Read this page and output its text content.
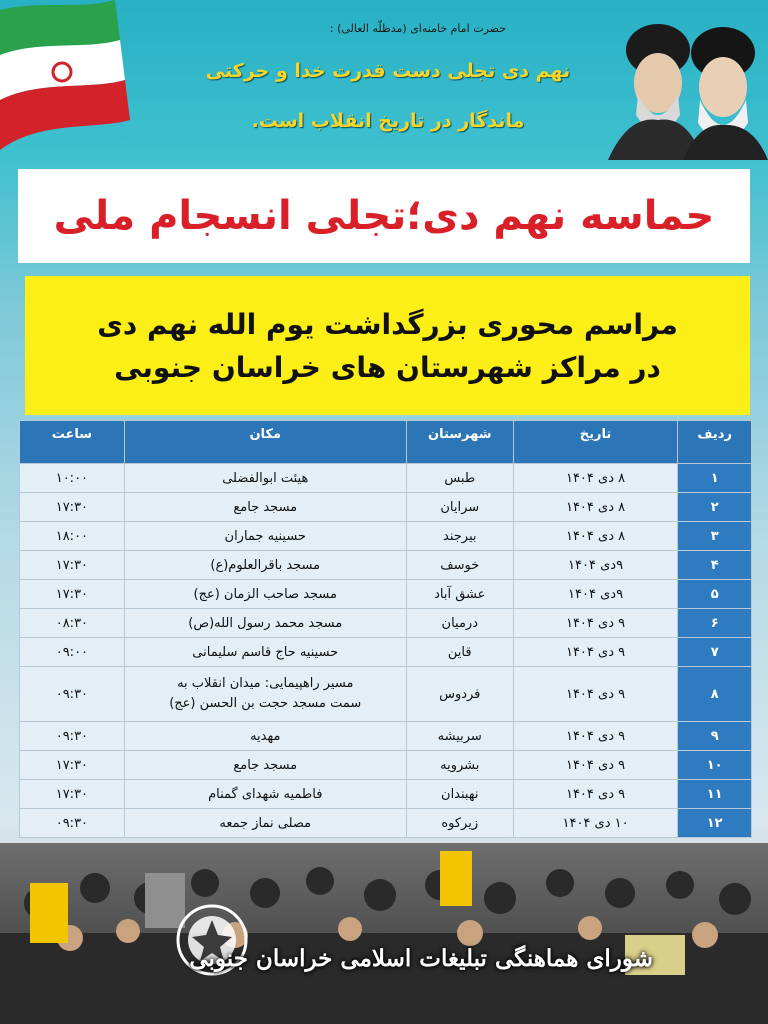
حضرت امام خامنه‌ای (مدظلّه العالی) :
نهم دی تجلی دست قدرت خدا و حرکتی
ماندگار در تاریخ انقلاب است.
حماسه نهم دی؛تجلی انسجام ملی
مراسم محوری بزرگداشت یوم الله نهم دی
در مراکز شهرستان های خراسان جنوبی
ردیف	تاریخ	شهرستان	مکان	ساعت
۱	۸ دی ۱۴۰۴	طبس	هیئت ابوالفضلی	۱۰:۰۰
۲	۸ دی ۱۴۰۴	سرایان	مسجد جامع	۱۷:۳۰
۳	۸ دی ۱۴۰۴	بیرجند	حسینیه جماران	۱۸:۰۰
۴	۹دی ۱۴۰۴	خوسف	مسجد باقرالعلوم(ع)	۱۷:۳۰
۵	۹دی ۱۴۰۴	عشق آباد	مسجد صاحب الزمان (عج)	۱۷:۳۰
۶	۹ دی ۱۴۰۴	درمیان	مسجد محمد رسول الله(ص)	۰۸:۳۰
۷	۹ دی ۱۴۰۴	قاین	حسینیه حاج قاسم سلیمانی	۰۹:۰۰
۸	۹ دی ۱۴۰۴	فردوس	مسیر راهپیمایی: میدان انقلاب به
سمت مسجد حجت بن الحسن (عج)	۰۹:۳۰
۹	۹ دی ۱۴۰۴	سربیشه	مهدیه	۰۹:۳۰
۱۰	۹ دی ۱۴۰۴	بشرویه	مسجد جامع	۱۷:۳۰
۱۱	۹ دی ۱۴۰۴	نهبندان	فاطمیه شهدای گمنام	۱۷:۳۰
۱۲	۱۰ دی ۱۴۰۴	زیرکوه	مصلی نماز جمعه	۰۹:۳۰
شورای هماهنگی تبلیغات اسلامی خراسان جنوبی
